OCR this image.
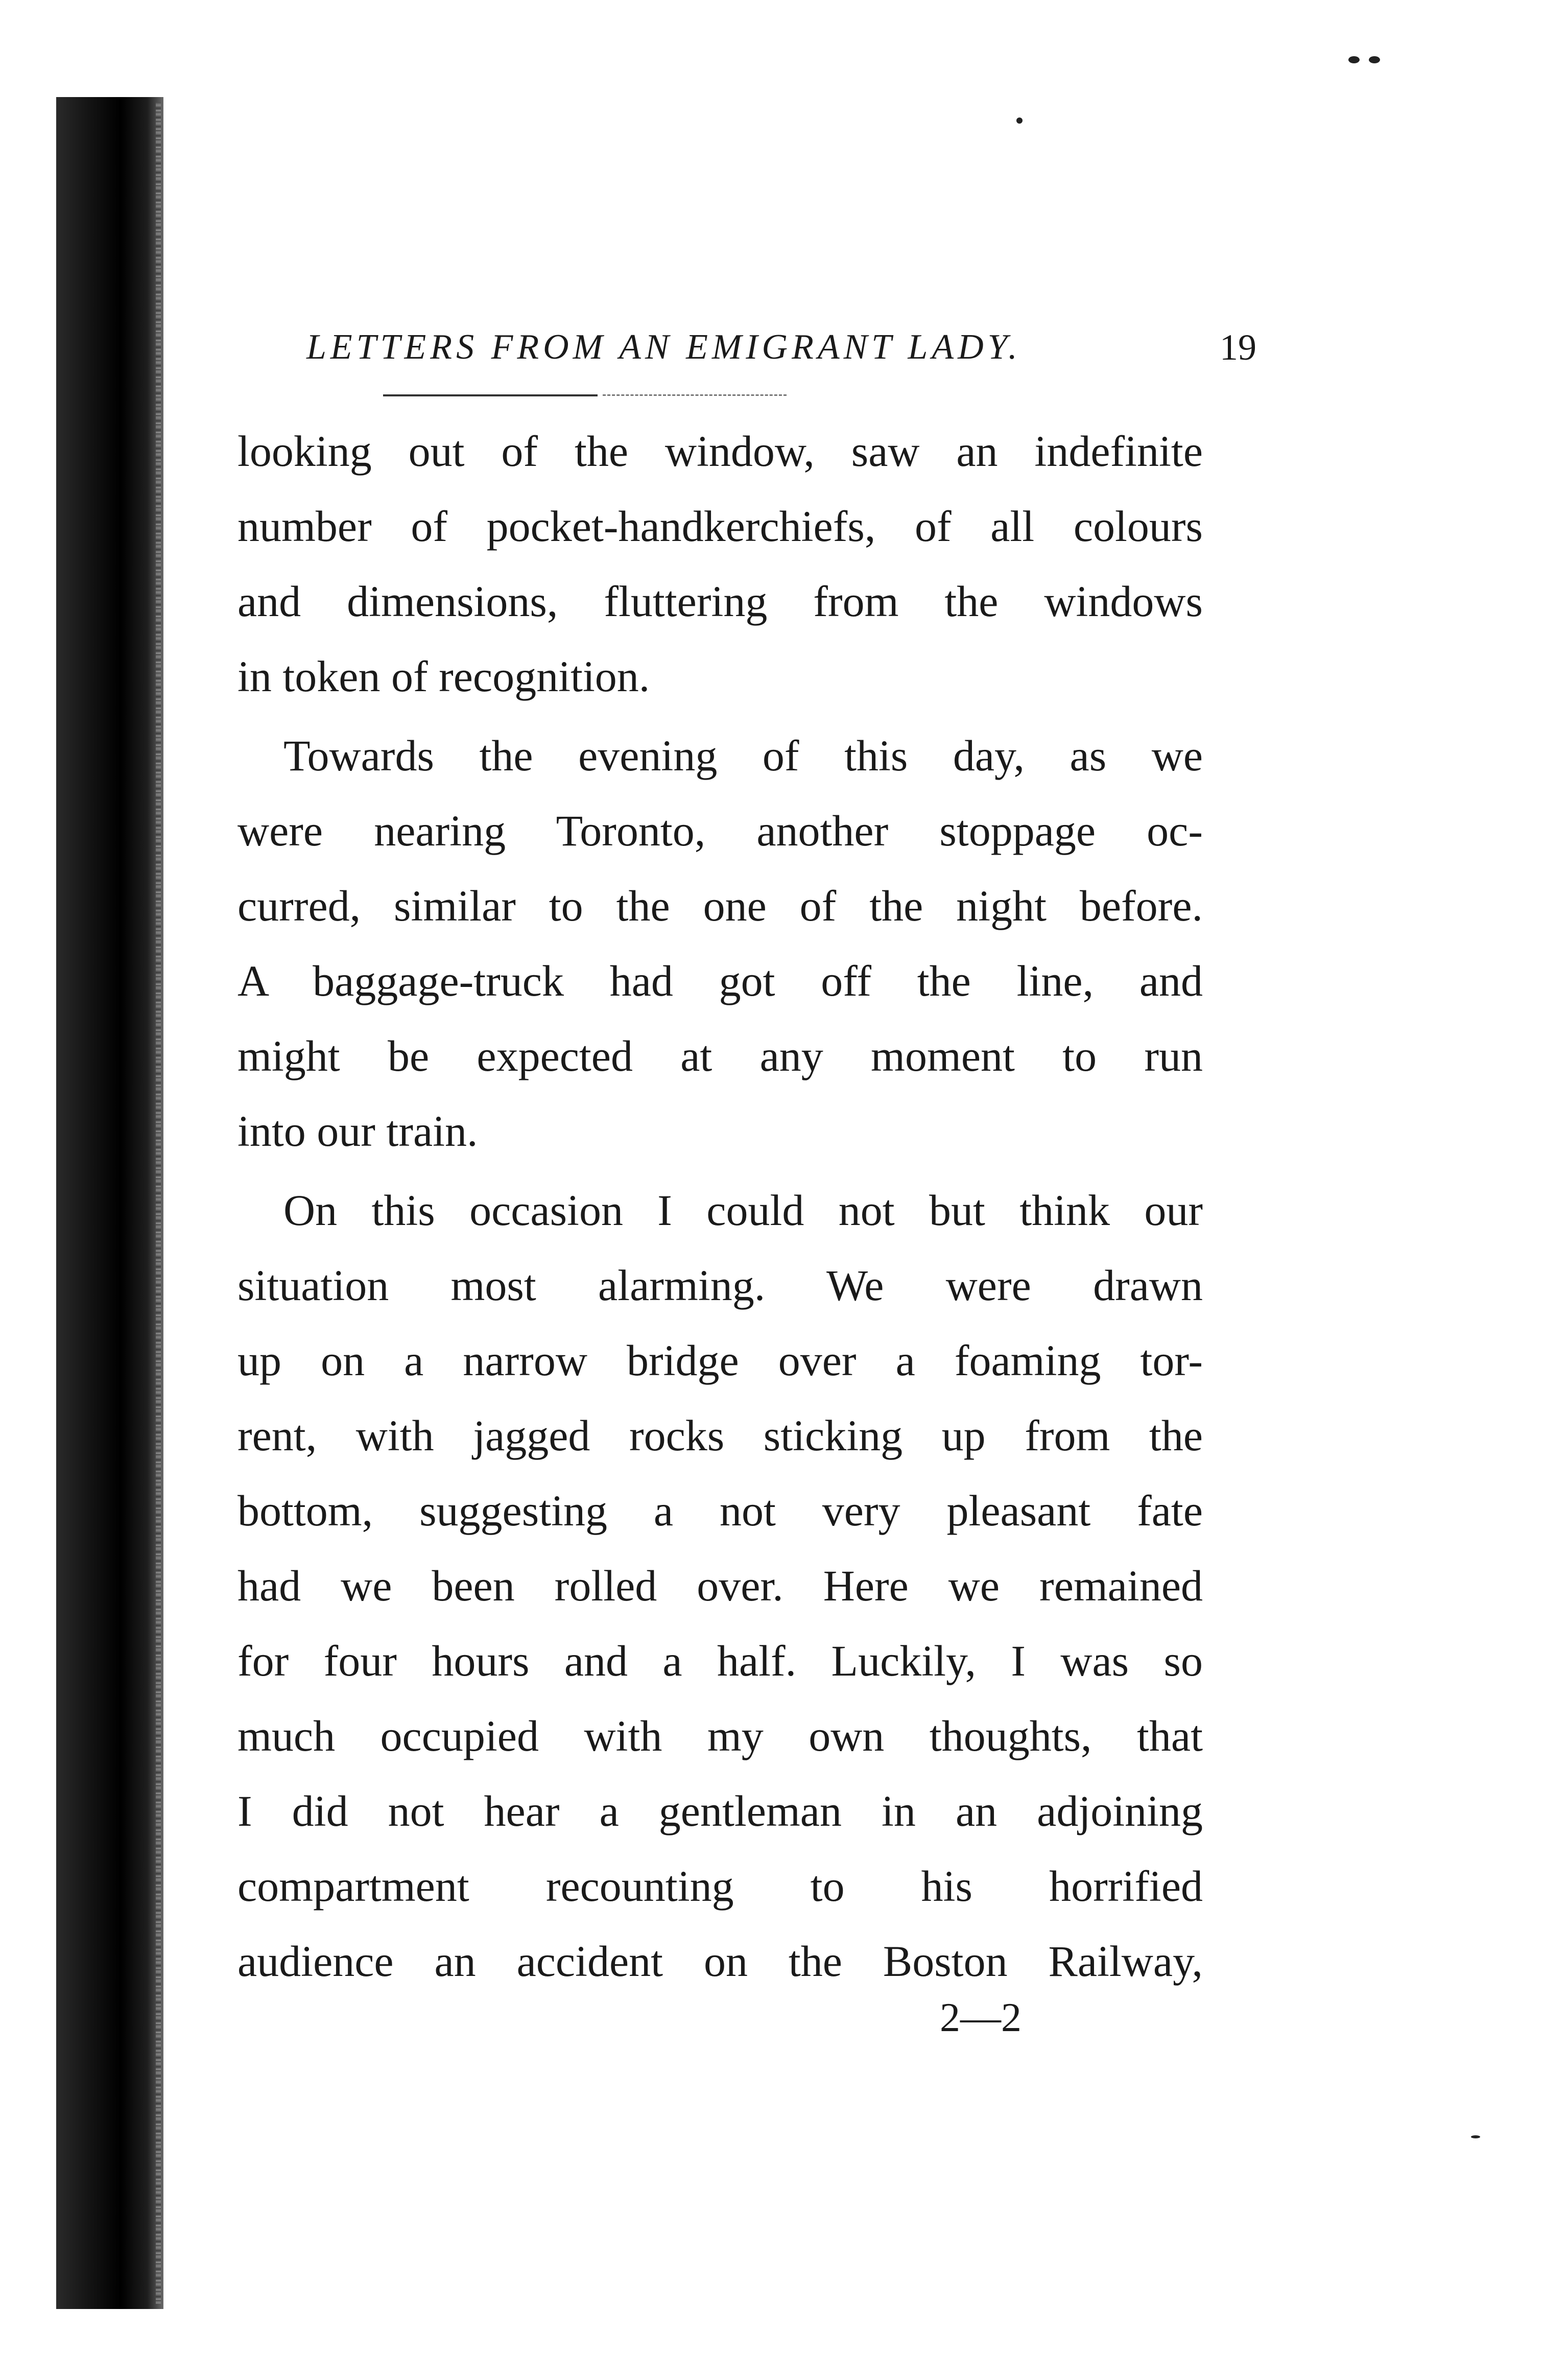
LETTERS FROM AN EMIGRANT LADY.	19
looking out of the window, saw an indefinite
number of pocket-handkerchiefs, of all colours
and dimensions, fluttering from the windows
in token of recognition.
Towards the evening of this day, as we
were nearing Toronto, another stoppage oc-
curred, similar to the one of the night before.
A baggage-truck had got off the line, and
might be expected at any moment to run
into our train.
On this occasion I could not but think our
situation most alarming. We were drawn
up on a narrow bridge over a foaming tor-
rent, with jagged rocks sticking up from the
bottom, suggesting a not very pleasant fate
had we been rolled over. Here we remained
for four hours and a half. Luckily, I was so
much occupied with my own thoughts, that
I did not hear a gentleman in an adjoining
compartment recounting to his horrified
audience an accident on the Boston Railway,
2—2
